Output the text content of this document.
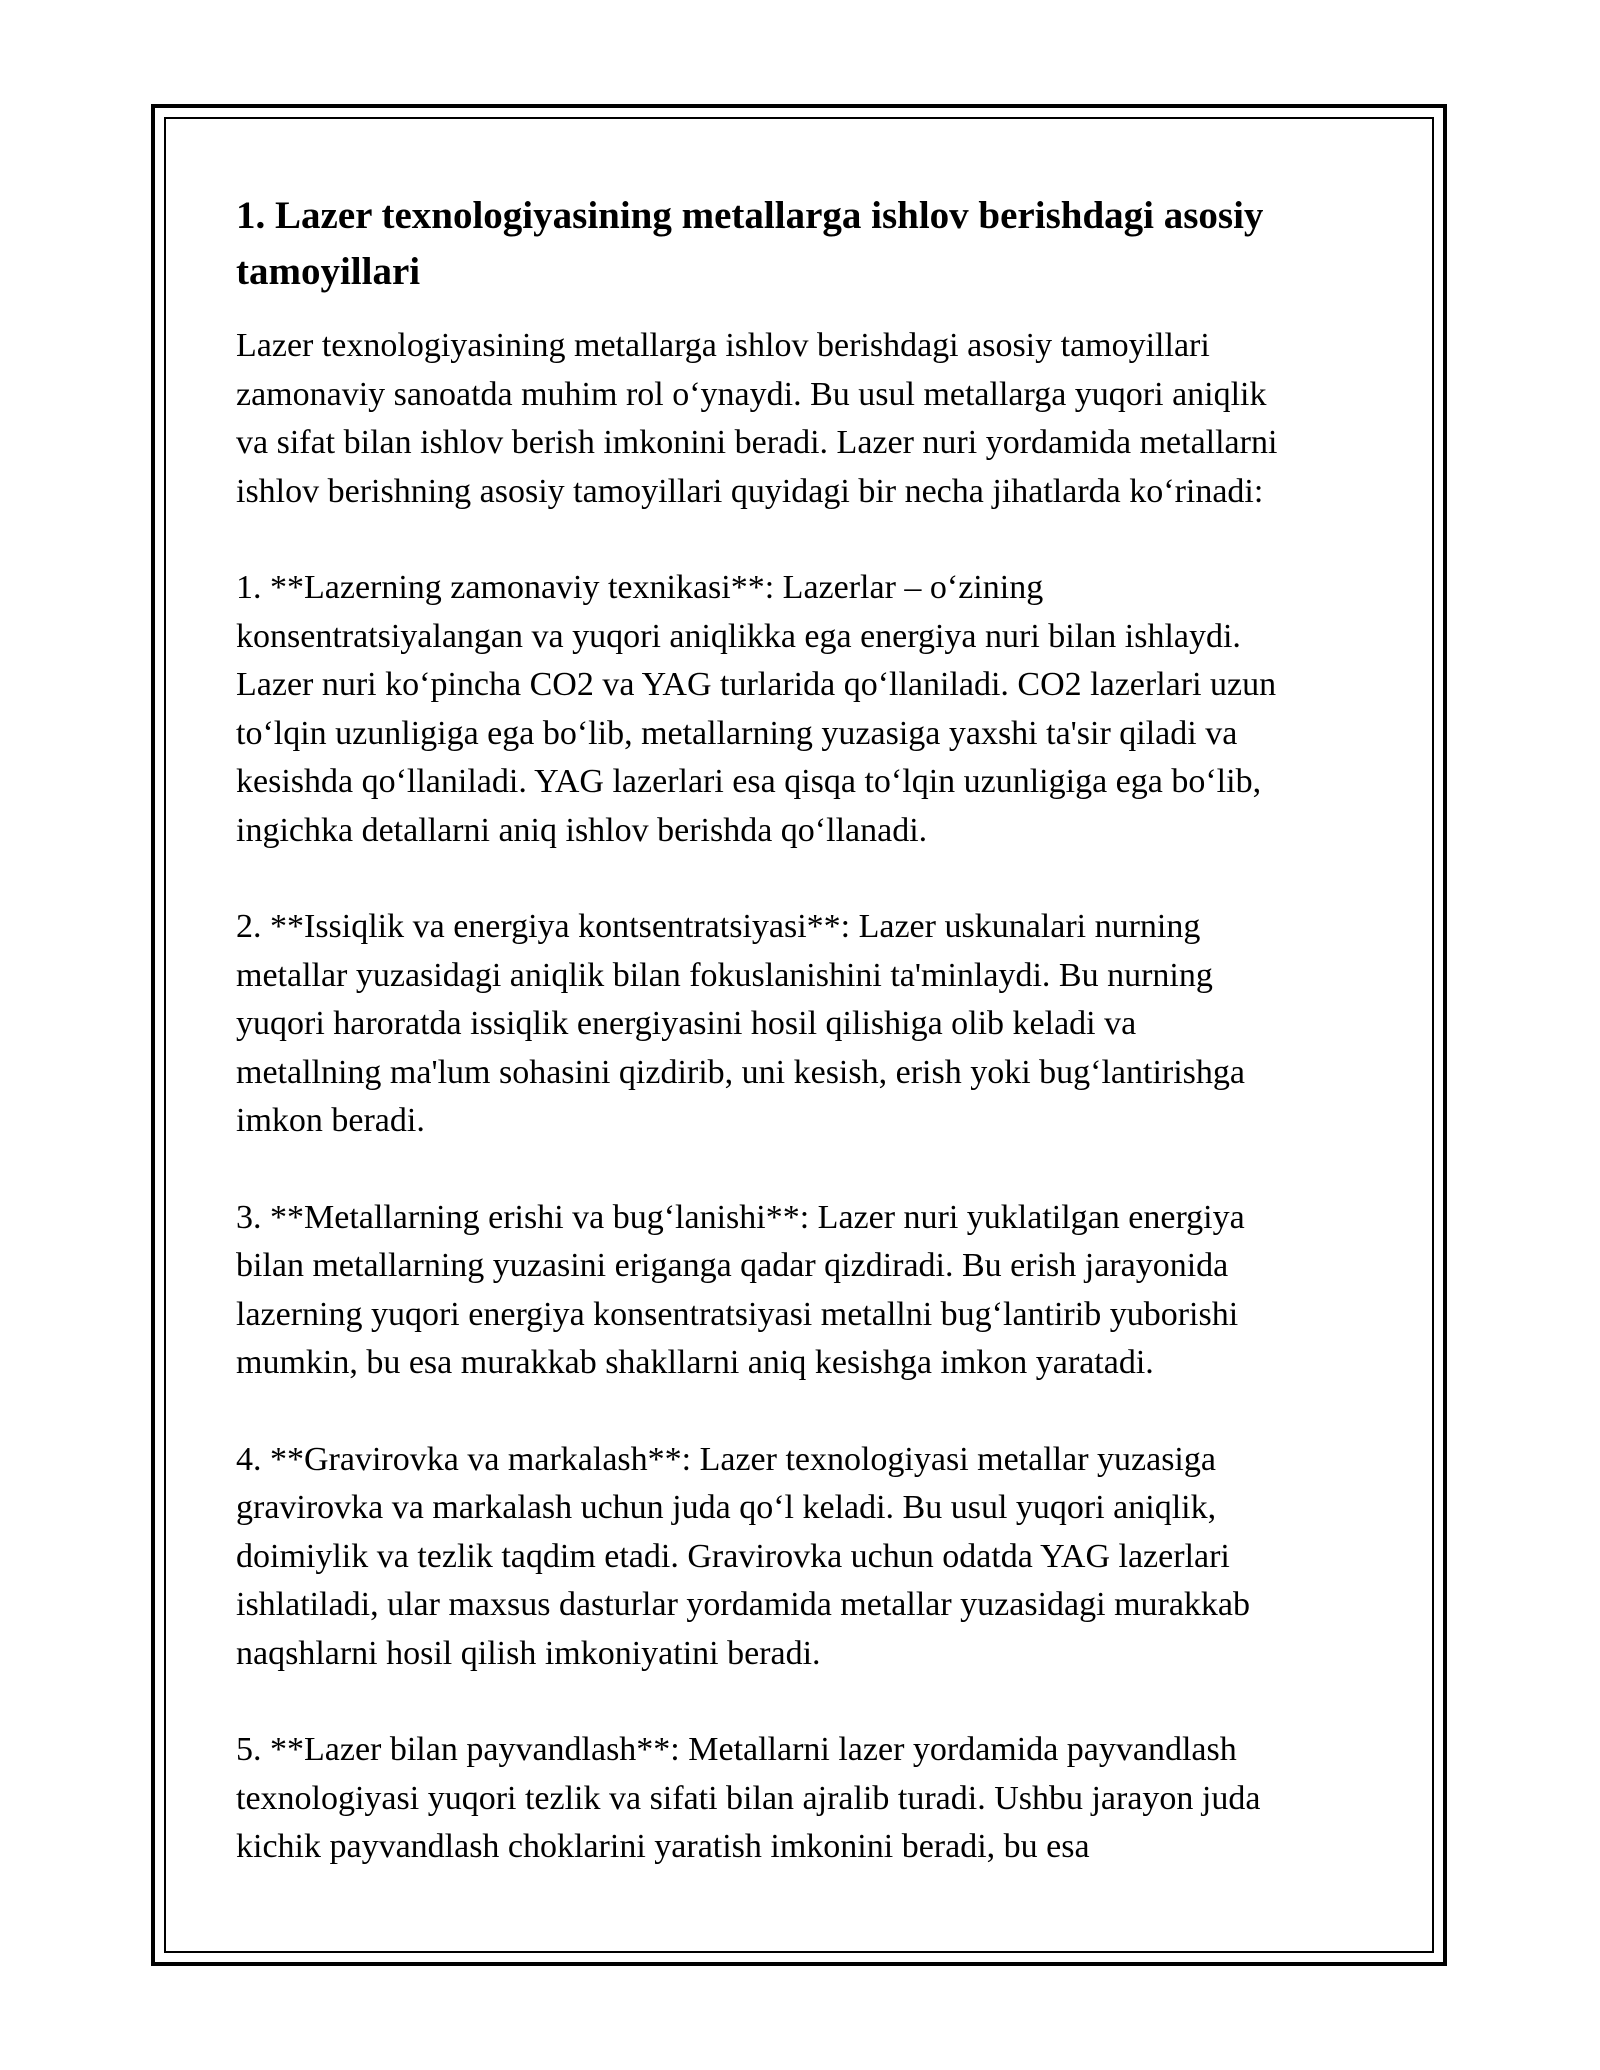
1. Lazer texnologiyasining metallarga ishlov berishdagi asosiy tamoyillari
Lazer texnologiyasining metallarga ishlov berishdagi asosiy tamoyillari
zamonaviy sanoatda muhim rol o‘ynaydi. Bu usul metallarga yuqori aniqlik
va sifat bilan ishlov berish imkonini beradi. Lazer nuri yordamida metallarni
ishlov berishning asosiy tamoyillari quyidagi bir necha jihatlarda ko‘rinadi:
1. **Lazerning zamonaviy texnikasi**: Lazerlar – o‘zining
konsentratsiyalangan va yuqori aniqlikka ega energiya nuri bilan ishlaydi.
Lazer nuri ko‘pincha CO2 va YAG turlarida qo‘llaniladi. CO2 lazerlari uzun
to‘lqin uzunligiga ega bo‘lib, metallarning yuzasiga yaxshi ta'sir qiladi va
kesishda qo‘llaniladi. YAG lazerlari esa qisqa to‘lqin uzunligiga ega bo‘lib,
ingichka detallarni aniq ishlov berishda qo‘llanadi.
2. **Issiqlik va energiya kontsentratsiyasi**: Lazer uskunalari nurning
metallar yuzasidagi aniqlik bilan fokuslanishini ta'minlaydi. Bu nurning
yuqori haroratda issiqlik energiyasini hosil qilishiga olib keladi va
metallning ma'lum sohasini qizdirib, uni kesish, erish yoki bug‘lantirishga
imkon beradi.
3. **Metallarning erishi va bug‘lanishi**: Lazer nuri yuklatilgan energiya
bilan metallarning yuzasini eriganga qadar qizdiradi. Bu erish jarayonida
lazerning yuqori energiya konsentratsiyasi metallni bug‘lantirib yuborishi
mumkin, bu esa murakkab shakllarni aniq kesishga imkon yaratadi.
4. **Gravirovka va markalash**: Lazer texnologiyasi metallar yuzasiga
gravirovka va markalash uchun juda qo‘l keladi. Bu usul yuqori aniqlik,
doimiylik va tezlik taqdim etadi. Gravirovka uchun odatda YAG lazerlari
ishlatiladi, ular maxsus dasturlar yordamida metallar yuzasidagi murakkab
naqshlarni hosil qilish imkoniyatini beradi.
5. **Lazer bilan payvandlash**: Metallarni lazer yordamida payvandlash
texnologiyasi yuqori tezlik va sifati bilan ajralib turadi. Ushbu jarayon juda
kichik payvandlash choklarini yaratish imkonini beradi, bu esa
